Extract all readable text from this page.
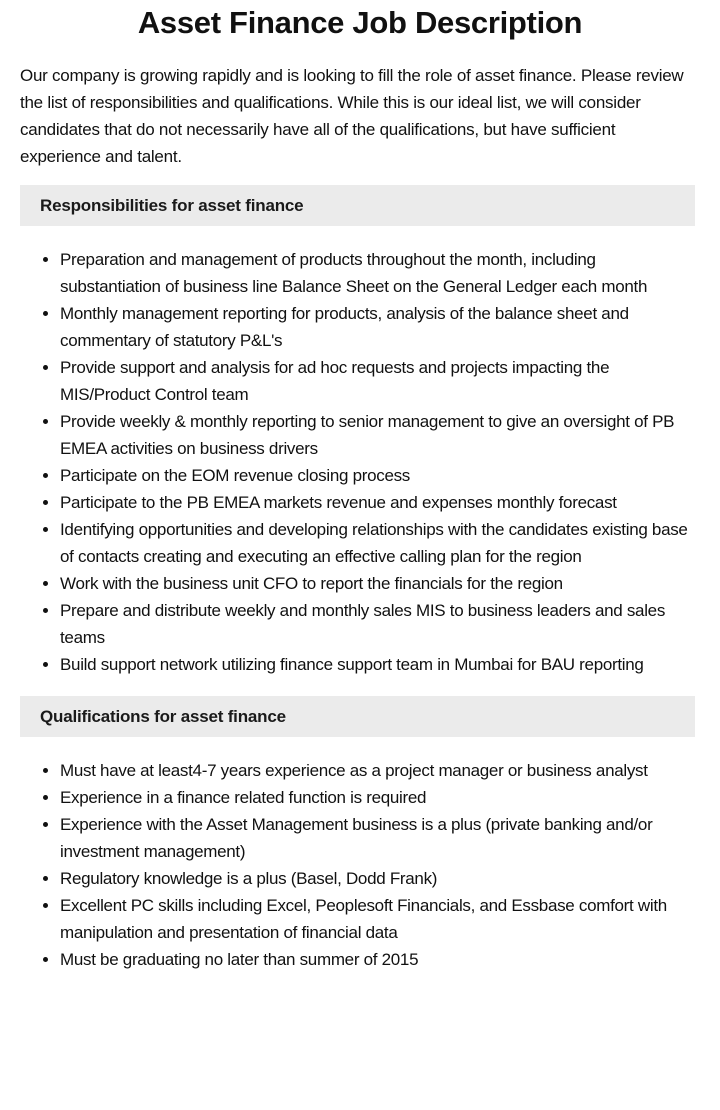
Asset Finance Job Description

Our company is growing rapidly and is looking to fill the role of asset finance. Please review the list of responsibilities and qualifications. While this is our ideal list, we will consider candidates that do not necessarily have all of the qualifications, but have sufficient experience and talent.

Responsibilities for asset finance
• Preparation and management of products throughout the month, including substantiation of business line Balance Sheet on the General Ledger each month
• Monthly management reporting for products, analysis of the balance sheet and commentary of statutory P&L's
• Provide support and analysis for ad hoc requests and projects impacting the MIS/Product Control team
• Provide weekly & monthly reporting to senior management to give an oversight of PB EMEA activities on business drivers
• Participate on the EOM revenue closing process
• Participate to the PB EMEA markets revenue and expenses monthly forecast
• Identifying opportunities and developing relationships with the candidates existing base of contacts creating and executing an effective calling plan for the region
• Work with the business unit CFO to report the financials for the region
• Prepare and distribute weekly and monthly sales MIS to business leaders and sales teams
• Build support network utilizing finance support team in Mumbai for BAU reporting
Qualifications for asset finance
• Must have at least4-7 years experience as a project manager or business analyst
• Experience in a finance related function is required
• Experience with the Asset Management business is a plus (private banking and/or investment management)
• Regulatory knowledge is a plus (Basel, Dodd Frank)
• Excellent PC skills including Excel, Peoplesoft Financials, and Essbase comfort with manipulation and presentation of financial data
• Must be graduating no later than summer of 2015
